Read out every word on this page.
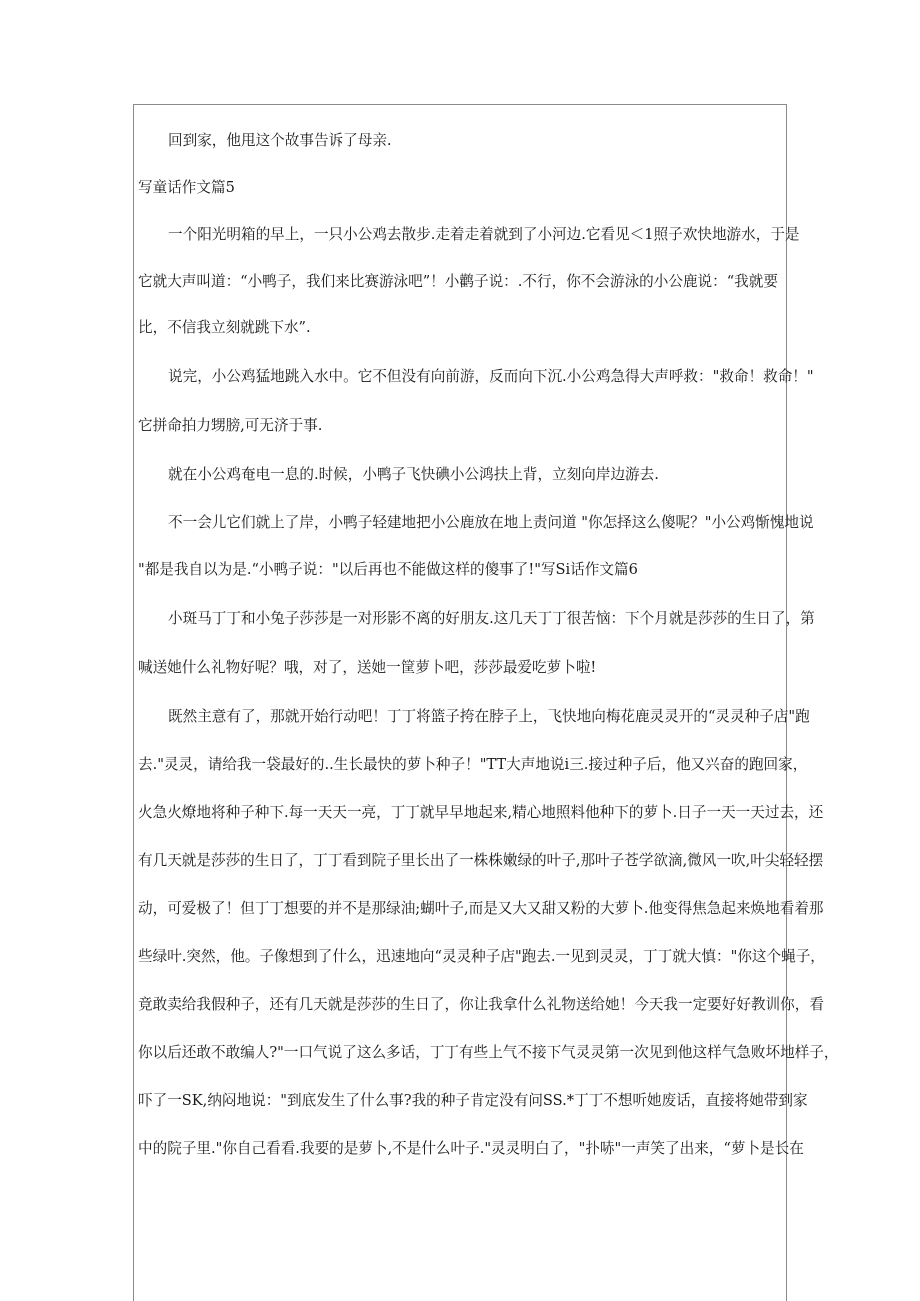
回到家，他甩这个故事告诉了母亲.
写童话作文篇5
一个阳光明箱的早上，一只小公鸡去散步.走着走着就到了小河边.它看见＜1照子欢快地游水，于是
它就大声叫道：“小鸭子，我们来比赛游泳吧”！小鹳子说：.不行，你不会游泳的小公鹿说：“我就要
比，不信我立刻就跳下水”.
说完，小公鸡猛地跳入水中。它不但没有向前游，反而向下沉.小公鸡急得大声呼救："救命！救命！"
它拼命拍力甥膀,可无济于事.
就在小公鸡奄电一息的.时候，小鸭子飞快碘小公鸿扶上背，立刻向岸边游去.
不一会儿它们就上了岸，小鸭子轻建地把小公鹿放在地上责问道 "你怎择这么傻呢？"小公鸡惭愧地说
"都是我自以为是.“小鸭子说："以后再也不能做这样的傻事了!"写Si话作文篇6
小斑马丁丁和小兔子莎莎是一对形影不离的好朋友.这几天丁丁很苦恼：下个月就是莎莎的生日了，第
喊送她什么礼物好呢？哦，对了，送她一筐萝卜吧，莎莎最爱吃萝卜啦!
既然主意有了，那就开始行动吧！丁丁将篮子挎在脖子上，飞快地向梅花鹿灵灵开的“灵灵种子店"跑
去."灵灵，请给我一袋最好的..生长最快的萝卜种子！"TT大声地说i三.接过种子后，他又兴奋的跑回家，
火急火燎地将种子种下.每一天天一亮，丁丁就早早地起来,精心地照料他种下的萝卜.日子一天一天过去，还
有几天就是莎莎的生日了，丁丁看到院子里长出了一株株嫩绿的叶子,那叶子苍学欲滴,微风一吹,叶尖轻轻摆
动，可爱极了！但丁丁想要的并不是那绿油;蝴叶子,而是又大又甜又粉的大萝卜.他变得焦急起来焕地看着那
些绿叶.突然，他。子像想到了什么，迅速地向“灵灵种子店"跑去.一见到灵灵，丁丁就大慎："你这个蝇子，
竟敢卖给我假种子，还有几天就是莎莎的生日了，你让我拿什么礼物送给她！今天我一定要好好教训你，看
你以后还敢不敢编人?"一口气说了这么多话，丁丁有些上气不接下气灵灵第一次见到他这样气急败坏地样子，
吓了一SK,纳闷地说："到底发生了什么事?我的种子肯定没有问SS.*丁丁不想听她废话，直接将她带到家
中的院子里."你自己看看.我要的是萝卜,不是什么叶子."灵灵明白了，"扑哧"一声笑了出来，“萝卜是长在
